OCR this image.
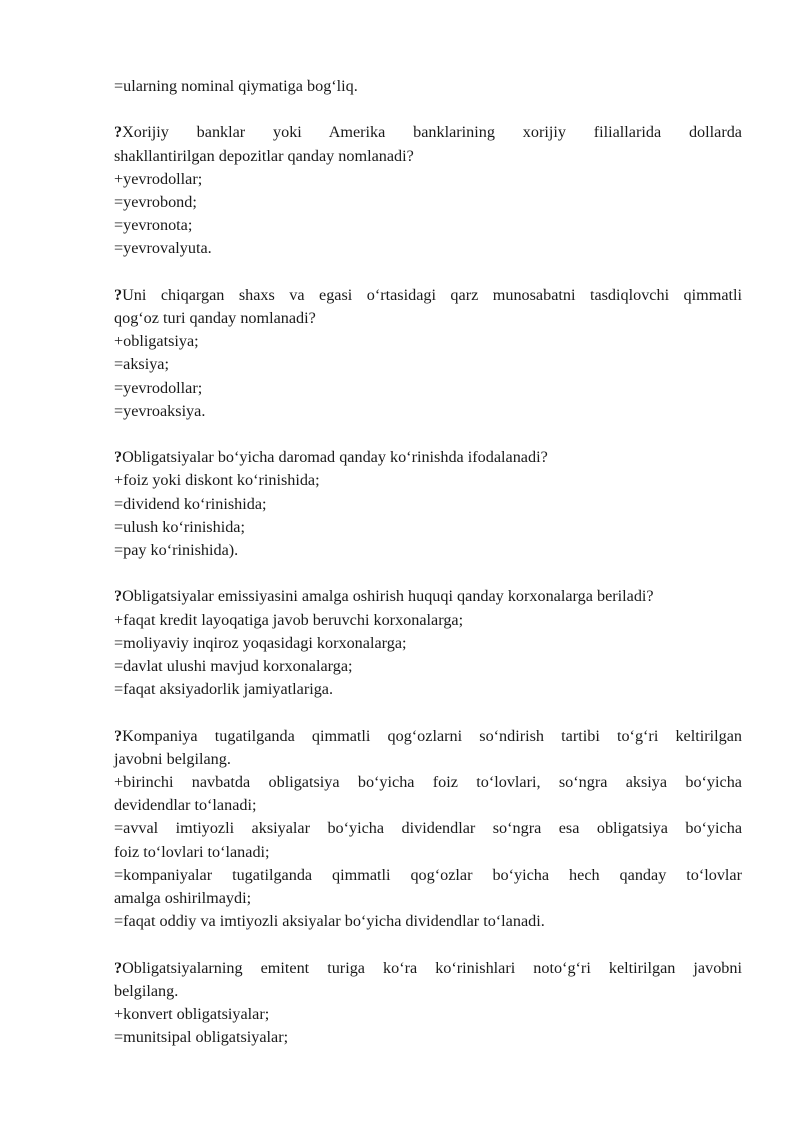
=ularning nominal qiymatiga bog‘liq.
?Xorijiy banklar yoki Amerika banklarining xorijiy filiallarida dollarda
shakllantirilgan depozitlar qanday nomlanadi?
+yevrodollar;
=yevrobond;
=yevronota;
=yevrovalyuta.
?Uni chiqargan shaxs va egasi o‘rtasidagi qarz munosabatni tasdiqlovchi qimmatli
qog‘oz turi qanday nomlanadi?
+obligatsiya;
=aksiya;
=yevrodollar;
=yevroaksiya.
?Obligatsiyalar bo‘yicha daromad qanday ko‘rinishda ifodalanadi?
+foiz yoki diskont ko‘rinishida;
=dividend ko‘rinishida;
=ulush ko‘rinishida;
=pay ko‘rinishida).
?Obligatsiyalar emissiyasini amalga oshirish huquqi qanday korxonalarga beriladi?
+faqat kredit layoqatiga javob beruvchi korxonalarga;
=moliyaviy inqiroz yoqasidagi korxonalarga;
=davlat ulushi mavjud korxonalarga;
=faqat aksiyadorlik jamiyatlariga.
?Kompaniya tugatilganda qimmatli qog‘ozlarni so‘ndirish tartibi to‘g‘ri keltirilgan
javobni belgilang.
+birinchi navbatda obligatsiya bo‘yicha foiz to‘lovlari, so‘ngra aksiya bo‘yicha
devidendlar to‘lanadi;
=avval imtiyozli aksiyalar bo‘yicha dividendlar so‘ngra esa obligatsiya bo‘yicha
foiz to‘lovlari to‘lanadi;
=kompaniyalar tugatilganda qimmatli qog‘ozlar bo‘yicha hech qanday to‘lovlar
amalga oshirilmaydi;
=faqat oddiy va imtiyozli aksiyalar bo‘yicha dividendlar to‘lanadi.
?Obligatsiyalarning emitent turiga ko‘ra ko‘rinishlari noto‘g‘ri keltirilgan javobni
belgilang.
+konvert obligatsiyalar;
=munitsipal obligatsiyalar;
